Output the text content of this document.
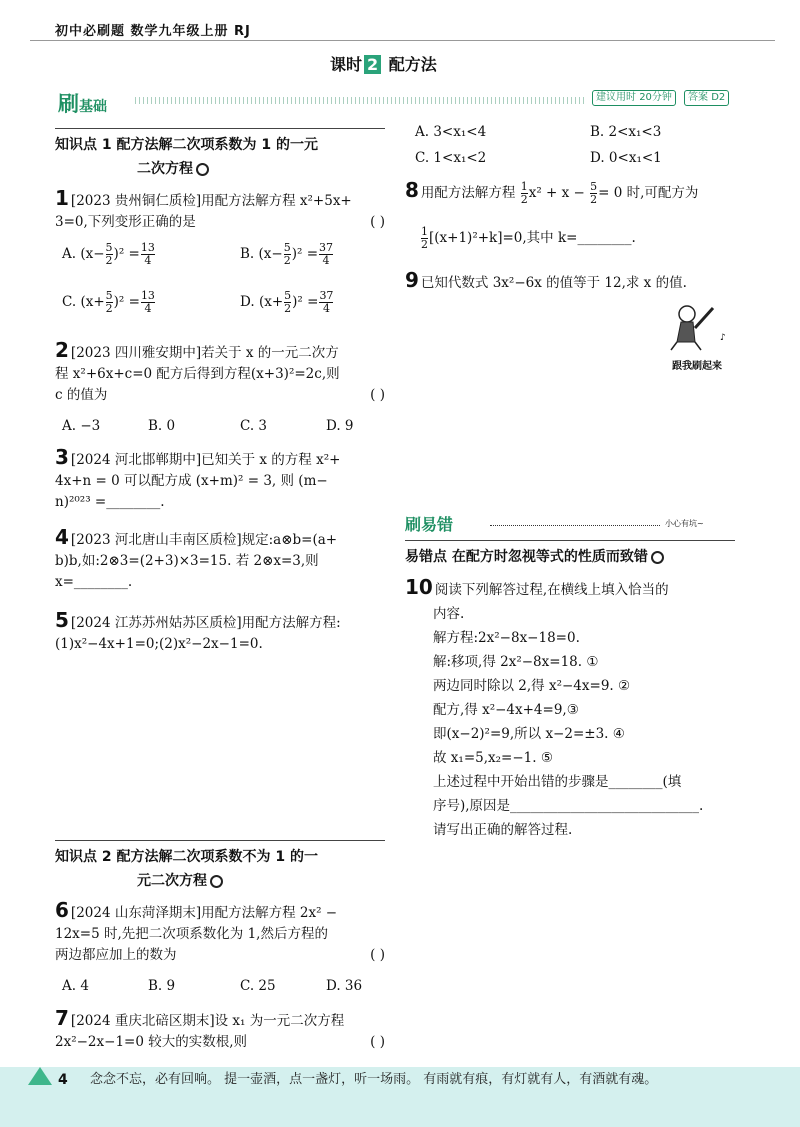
初中必刷题 数学九年级上册 RJ
课时 2 配方法
刷基础
建议用时 20分钟	答案 D2
知识点 1 配方法解二次项系数为 1 的一元
二次方程
1 [2023 贵州铜仁质检]用配方法解方程 x²+5x+
3=0,下列变形正确的是	( )
A. $(x- \frac{5}{2} )^2 = \frac{13}{4}$	B. $(x- \frac{5}{2} )^2 = \frac{37}{4}$
C. $(x+ \frac{5}{2} )^2 = \frac{13}{4}$	D. $(x+ \frac{5}{2} )^2 = \frac{37}{4}$
2 [2023 四川雅安期中]若关于 x 的一元二次方
程 x²+6x+c=0 配方后得到方程(x+3)²=2c,则
c 的值为	( )
A. −3	B. 0	C. 3	D. 9
3 [2024 河北邯郸期中]已知关于 x 的方程 x²+
4x+n = 0 可以配方成 (x+m)² = 3, 则 (m−
n)²⁰²³ =________.
4 [2023 河北唐山丰南区质检]规定:a⊗b=(a+
b)b,如:2⊗3=(2+3)×3=15. 若 2⊗x=3,则
x=________.
5 [2024 江苏苏州姑苏区质检]用配方法解方程:
(1)x²−4x+1=0;(2)x²−2x−1=0.
知识点 2 配方法解二次项系数不为 1 的一
元二次方程
6 [2024 山东菏泽期末]用配方法解方程 2x² −
12x=5 时,先把二次项系数化为 1,然后方程的
两边都应加上的数为	( )
A. 4	B. 9	C. 25	D. 36
7 [2024 重庆北碚区期末]设 x₁ 为一元二次方程
2x²−2x−1=0 较大的实数根,则	( )
A. 3<x₁<4	B. 2<x₁<3
C. 1<x₁<2	D. 0<x₁<1
8 用配方法解方程 $\frac{1}{2} x^2 + x - \frac{5}{2} = 0$ 时,可配方为
$\frac{1}{2} [(x+1)^2+k]=0$,其中 k=________.
9 已知代数式 3x²−6x 的值等于 12,求 x 的值.
♪
跟我刷起来
刷易错	小心有坑~
易错点 在配方时忽视等式的性质而致错
10 阅读下列解答过程,在横线上填入恰当的

内容.
解方程:2x²−8x−18=0.
解:移项,得 2x²−8x=18. ①
两边同时除以 2,得 x²−4x=9. ②
配方,得 x²−4x+4=9,③
即(x−2)²=9,所以 x−2=±3. ④
故 x₁=5,x₂=−1. ⑤
上述过程中开始出错的步骤是________(填
序号),原因是____________________________.
请写出正确的解答过程.
4 念念不忘，必有回响。 提一壶酒，点一盏灯，听一场雨。 有雨就有痕，有灯就有人，有酒就有魂。
